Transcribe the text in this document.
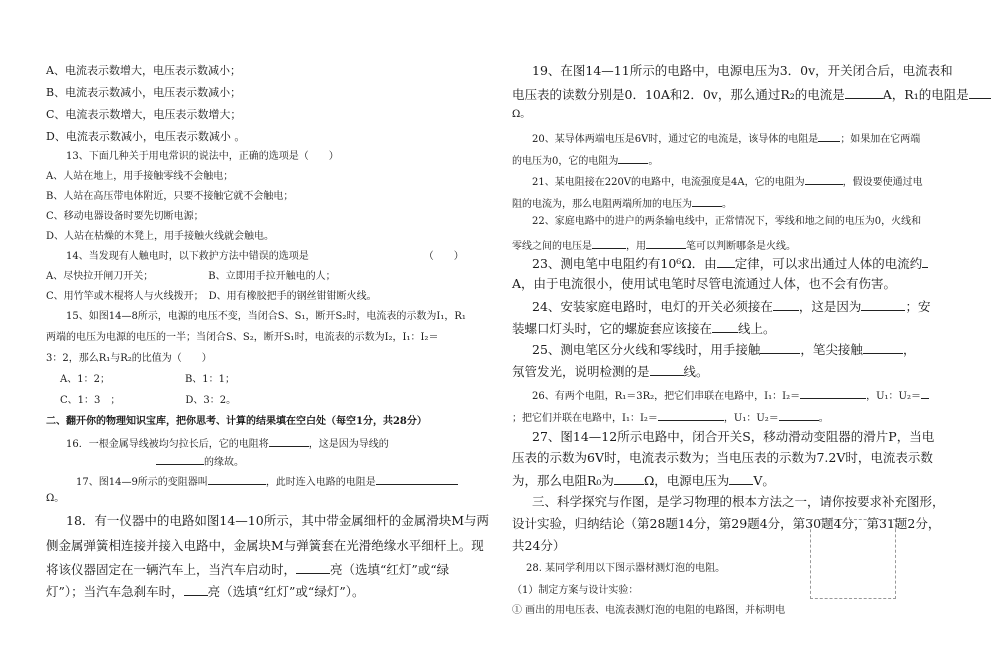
A、电流表示数增大，电压表示数减小；
B、电流表示数减小，电压表示数减小；
C、电流表示数增大，电压表示数增大；
D、电流表示数减小，电压表示数减小 。
13、下面几种关于用电常识的说法中，正确的选项是（　　）
A、人站在地上，用手接触零线不会触电；
B、人站在高压带电体附近，只要不接触它就不会触电；
C、移动电器设备时要先切断电源；
D、人站在枯燥的木凳上，用手接触火线就会触电。
14、当发现有人触电时，以下救护方法中错误的选项是　　　　　　　　　　　　（　　）
A、尽快拉开闸刀开关；　　　　　　B、立即用手拉开触电的人；
C、用竹竿或木棍将人与火线拨开；　D、用有橡胶把手的钢丝钳钳断火线。
15、如图14—8所示，电源的电压不变，当闭合S、S₁，断开S₂时，电流表的示数为I₁，R₁
两端的电压为电源的电压的一半；当闭合S、S₂，断开S₁时，电流表的示数为I₂，I₁：I₂＝
3：2，那么R₁与R₂的比值为（　　）
A、1：2；　　　　　　　　B、1：1；
C、1：3　；　　　　　　　D、3：2。
二、翻开你的物理知识宝库，把你思考、计算的结果填在空白处（每空1分，共28分）
16．一根金属导线被均匀拉长后，它的电阻将	，这是因为导线的
的缘故。
17、图14—9所示的变阻器叫	，此时连入电路的电阻是
Ω。
18．有一仪器中的电路如图14—10所示，其中带金属细杆的金属滑块M与两
侧金属弹簧相连接并接入电路中，金属块M与弹簧套在光滑绝缘水平细杆上。现
将该仪器固定在一辆汽车上，当汽车启动时，	亮（选填“红灯”或“绿
灯”）；当汽车急刹车时， 亮（选填“红灯”或“绿灯”）。
19、在图14—11所示的电路中，电源电压为3．0v，开关闭合后，电流表和
电压表的读数分别是0．10A和2．0v，那么通过R₂的电流是	A，R₁的电阻是
Ω。
20、某导体两端电压是6V时，通过它的电流是，该导体的电阻是 ；如果加在它两端
的电压为0，它的电阻为	。
21、某电阻接在220V的电路中，电流强度是4A，它的电阻为	，假设要使通过电
阻的电流为，那么电阻两端所加的电压为	。
22、家庭电路中的进户的两条输电线中，正常情况下，零线和地之间的电压为0，火线和
零线之间的电压是	，用	笔可以判断哪条是火线。
23、测电笔中电阻约有10⁶Ω．由 定律，可以求出通过人体的电流约
A，由于电流很小，使用试电笔时尽管电流通过人体，也不会有伤害。
24、安装家庭电路时，电灯的开关必须接在 ，这是因为	；安
装螺口灯头时，它的螺旋套应该接在 线上。
25、测电笔区分火线和零线时，用手接触	，笔尖接触	，
氖管发光，说明检测的是	线。
26、有两个电阻，R₁＝3R₂，把它们串联在电路中，I₁：I₂＝	，U₁：U₂＝
；把它们并联在电路中，I₁：I₂＝	，U₁：U₂＝	。
27、图14—12所示电路中，闭合开关S，移动滑动变阻器的滑片P，当电
压表的示数为6V时，电流表示数为；当电压表的示数为7.2V时，电流表示数
为，那么电阻R₀为 Ω，电源电压为 V。
三、科学探究与作图，是学习物理的根本方法之一，请你按要求补充图形，
设计实验，归纳结论（第28题14分，第29题4分，第30题4分，第31题2分，
共24分）
28. 某同学利用以下图示器材测灯泡的电阻。
（1）制定方案与设计实验：
① 画出的用电压表、电流表测灯泡的电阻的电路图，并标明电
